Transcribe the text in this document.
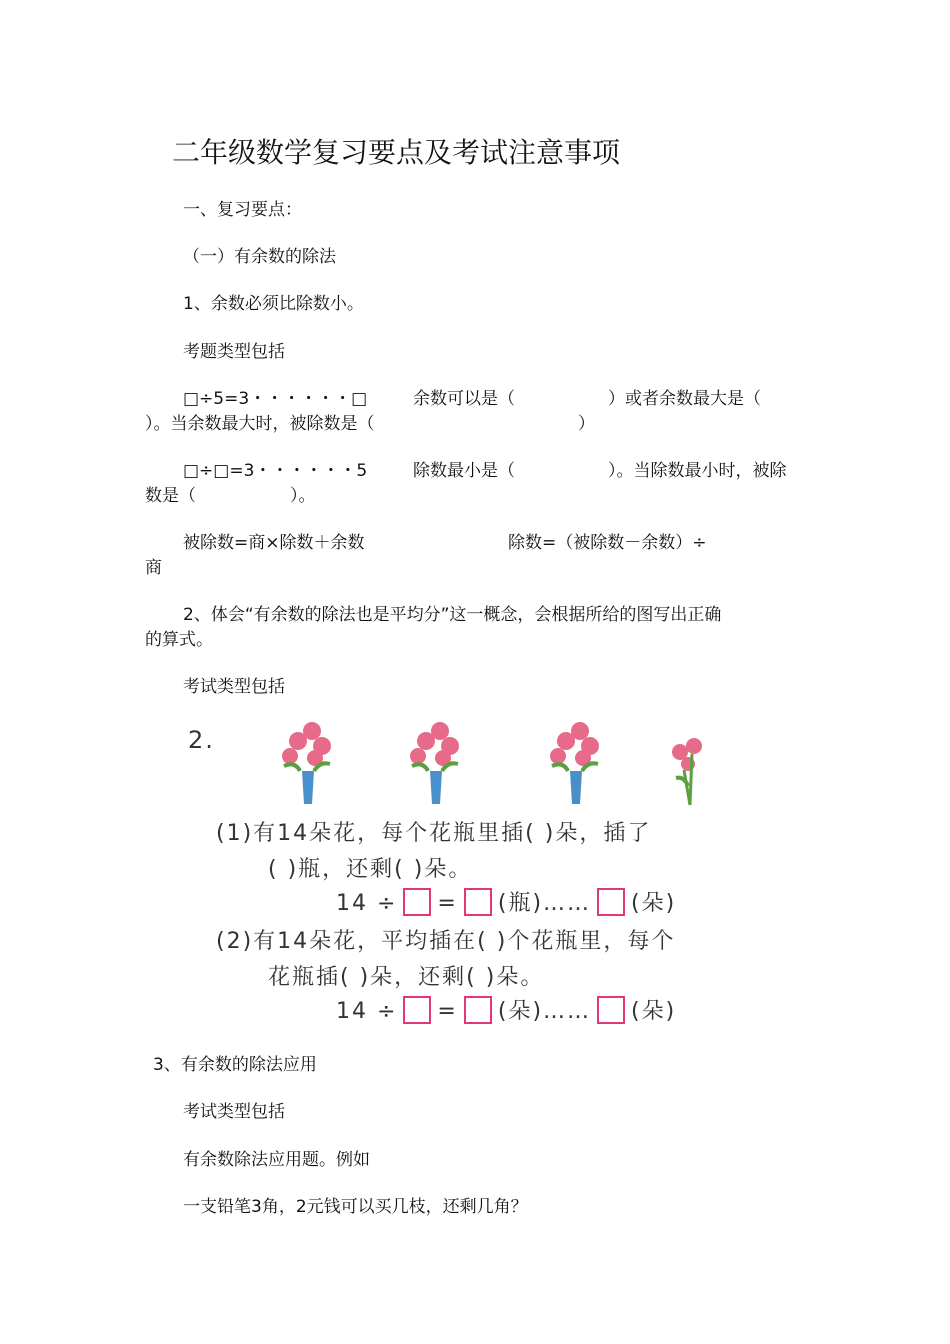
二年级数学复习要点及考试注意事项
一、复习要点：
（一）有余数的除法
1、余数必须比除数小。
考题类型包括
□÷5=3・・・・・・□	余数可以是（	）或者余数最大是（
）。当余数最大时，被除数是（	）
□÷□=3・・・・・・5	除数最小是（	）。当除数最小时，被除
数是（	）。
被除数=商×除数＋余数	除数=（被除数－余数）÷
商
2、体会“有余数的除法也是平均分”这一概念，会根据所给的图写出正确
的算式。
考试类型包括
2.
(1)有14朵花，每个花瓶里插( )朵，插了
( )瓶，还剩( )朵。
14 ÷ = (瓶)…… (朵)
(2)有14朵花，平均插在( )个花瓶里，每个
花瓶插( )朵，还剩( )朵。
14 ÷ = (朵)…… (朵)
3、有余数的除法应用
考试类型包括
有余数除法应用题。例如
一支铅笔3角，2元钱可以买几枝，还剩几角？
